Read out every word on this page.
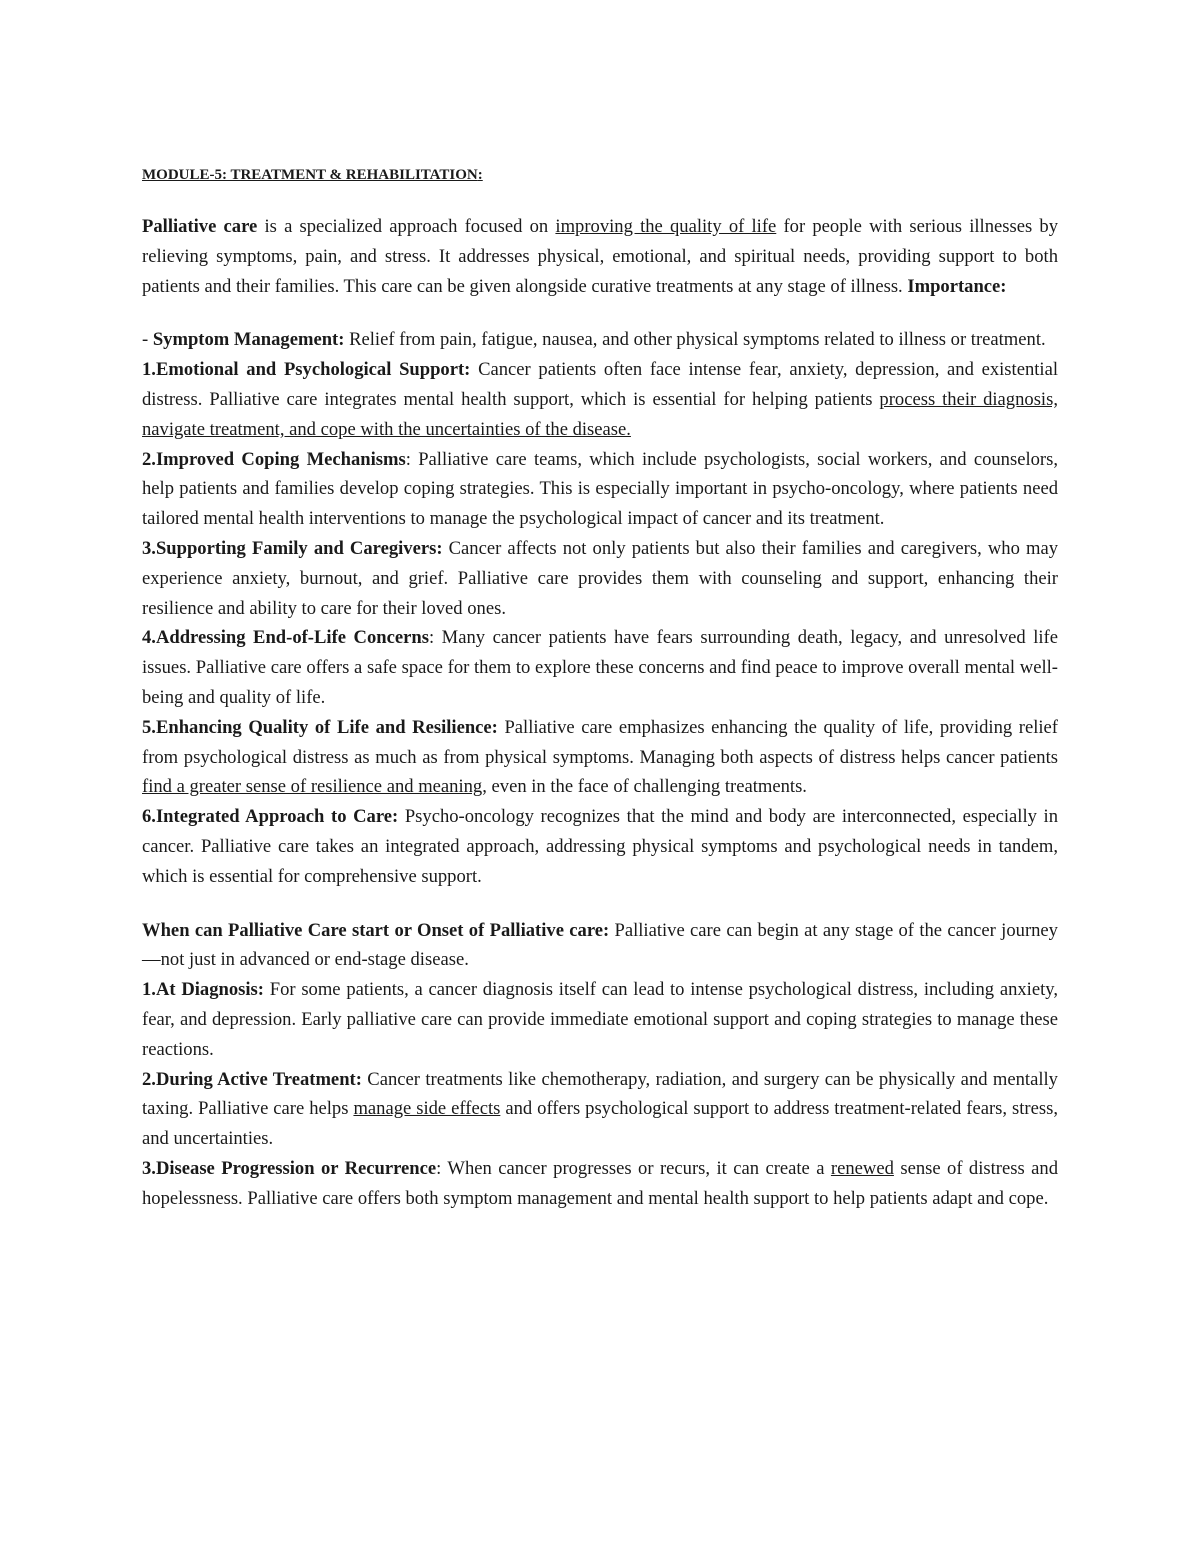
MODULE-5: TREATMENT & REHABILITATION:

Palliative care is a specialized approach focused on improving the quality of life for people with serious illnesses by relieving symptoms, pain, and stress. It addresses physical, emotional, and spiritual needs, providing support to both patients and their families. This care can be given alongside curative treatments at any stage of illness. Importance:

- Symptom Management: Relief from pain, fatigue, nausea, and other physical symptoms related to illness or treatment.

1.Emotional and Psychological Support: Cancer patients often face intense fear, anxiety, depression, and existential distress. Palliative care integrates mental health support, which is essential for helping patients process their diagnosis, navigate treatment, and cope with the uncertainties of the disease.

2.Improved Coping Mechanisms: Palliative care teams, which include psychologists, social workers, and counselors, help patients and families develop coping strategies. This is especially important in psycho-oncology, where patients need tailored mental health interventions to manage the psychological impact of cancer and its treatment.

3.Supporting Family and Caregivers: Cancer affects not only patients but also their families and caregivers, who may experience anxiety, burnout, and grief. Palliative care provides them with counseling and support, enhancing their resilience and ability to care for their loved ones.

4.Addressing End-of-Life Concerns: Many cancer patients have fears surrounding death, legacy, and unresolved life issues. Palliative care offers a safe space for them to explore these concerns and find peace to improve overall mental well-being and quality of life.

5.Enhancing Quality of Life and Resilience: Palliative care emphasizes enhancing the quality of life, providing relief from psychological distress as much as from physical symptoms. Managing both aspects of distress helps cancer patients find a greater sense of resilience and meaning, even in the face of challenging treatments.

6.Integrated Approach to Care: Psycho-oncology recognizes that the mind and body are interconnected, especially in cancer. Palliative care takes an integrated approach, addressing physical symptoms and psychological needs in tandem, which is essential for comprehensive support.

When can Palliative Care start or Onset of Palliative care: Palliative care can begin at any stage of the cancer journey—not just in advanced or end-stage disease.

1.At Diagnosis: For some patients, a cancer diagnosis itself can lead to intense psychological distress, including anxiety, fear, and depression. Early palliative care can provide immediate emotional support and coping strategies to manage these reactions.

2.During Active Treatment: Cancer treatments like chemotherapy, radiation, and surgery can be physically and mentally taxing. Palliative care helps manage side effects and offers psychological support to address treatment-related fears, stress, and uncertainties.

3.Disease Progression or Recurrence: When cancer progresses or recurs, it can create a renewed sense of distress and hopelessness. Palliative care offers both symptom management and mental health support to help patients adapt and cope.
